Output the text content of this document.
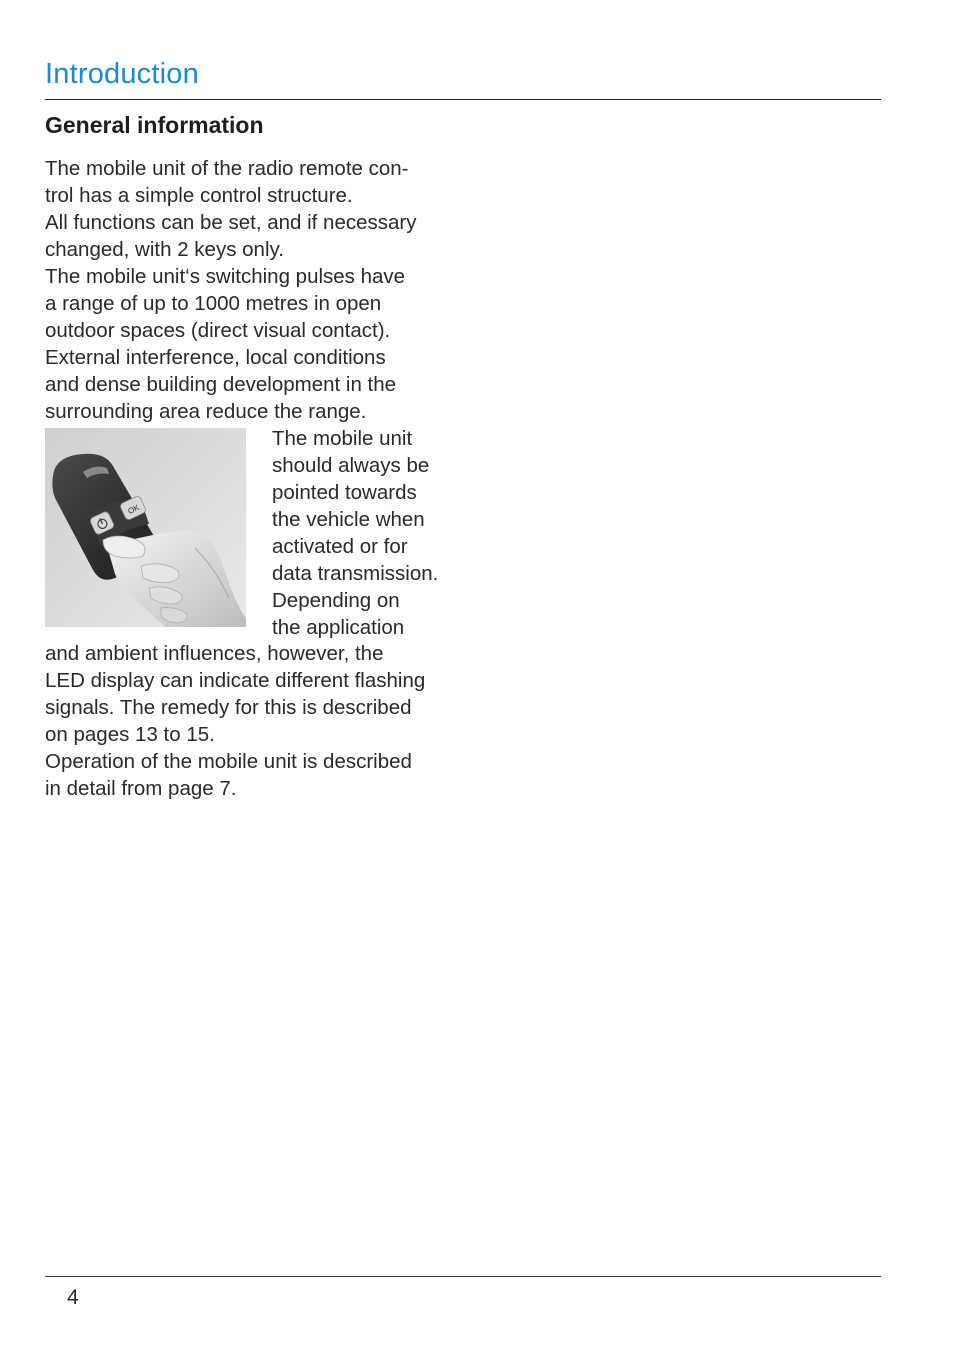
Introduction
General information
The mobile unit of the radio remote con-
trol has a simple control structure.
All functions can be set, and if necessary
changed, with 2 keys only.
The mobile unit‘s switching pulses have
a range of up to 1000 metres in open
outdoor spaces (direct visual contact).
External interference, local conditions
and dense building development in the
surrounding area reduce the range.
OK
The mobile unit
should always be
pointed towards
the vehicle when
activated or for
data transmission.
Depending on
the application
and ambient influences, however, the
LED display can indicate different flashing
signals. The remedy for this is described
on pages 13 to 15.
Operation of the mobile unit is described
in detail from page 7.
4
